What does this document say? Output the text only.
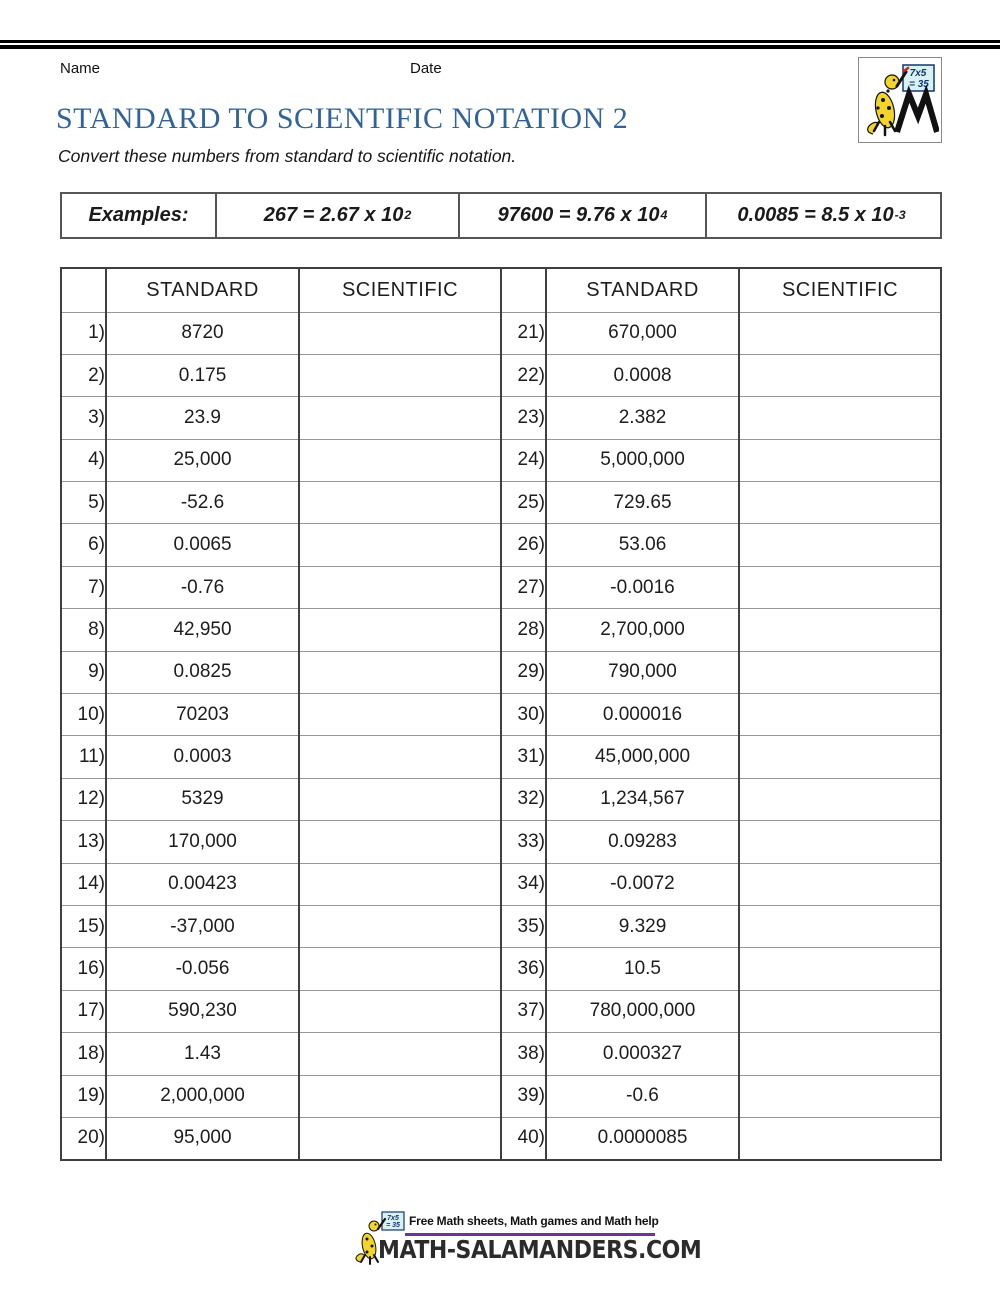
Name	Date	7x5
= 35
STANDARD TO SCIENTIFIC NOTATION 2
Convert these numbers from standard to scientific notation.
Examples:	267 = 2.67 x 10 2	97600 = 9.76 x 10 4	0.0085 = 8.5 x 10 -3
	STANDARD	SCIENTIFIC		STANDARD	SCIENTIFIC
1)	8720		21)	670,000	
2)	0.175		22)	0.0008	
3)	23.9		23)	2.382	
4)	25,000		24)	5,000,000	
5)	-52.6		25)	729.65	
6)	0.0065		26)	53.06	
7)	-0.76		27)	-0.0016	
8)	42,950		28)	2,700,000	
9)	0.0825		29)	790,000	
10)	70203		30)	0.000016	
11)	0.0003		31)	45,000,000	
12)	5329		32)	1,234,567	
13)	170,000		33)	0.09283	
14)	0.00423		34)	-0.0072	
15)	-37,000		35)	9.329	
16)	-0.056		36)	10.5	
17)	590,230		37)	780,000,000	
18)	1.43		38)	0.000327	
19)	2,000,000		39)	-0.6	
20)	95,000		40)	0.0000085	
7x5
= 35 Free Math sheets, Math games and Math help
MATH-SALAMANDERS.COM
